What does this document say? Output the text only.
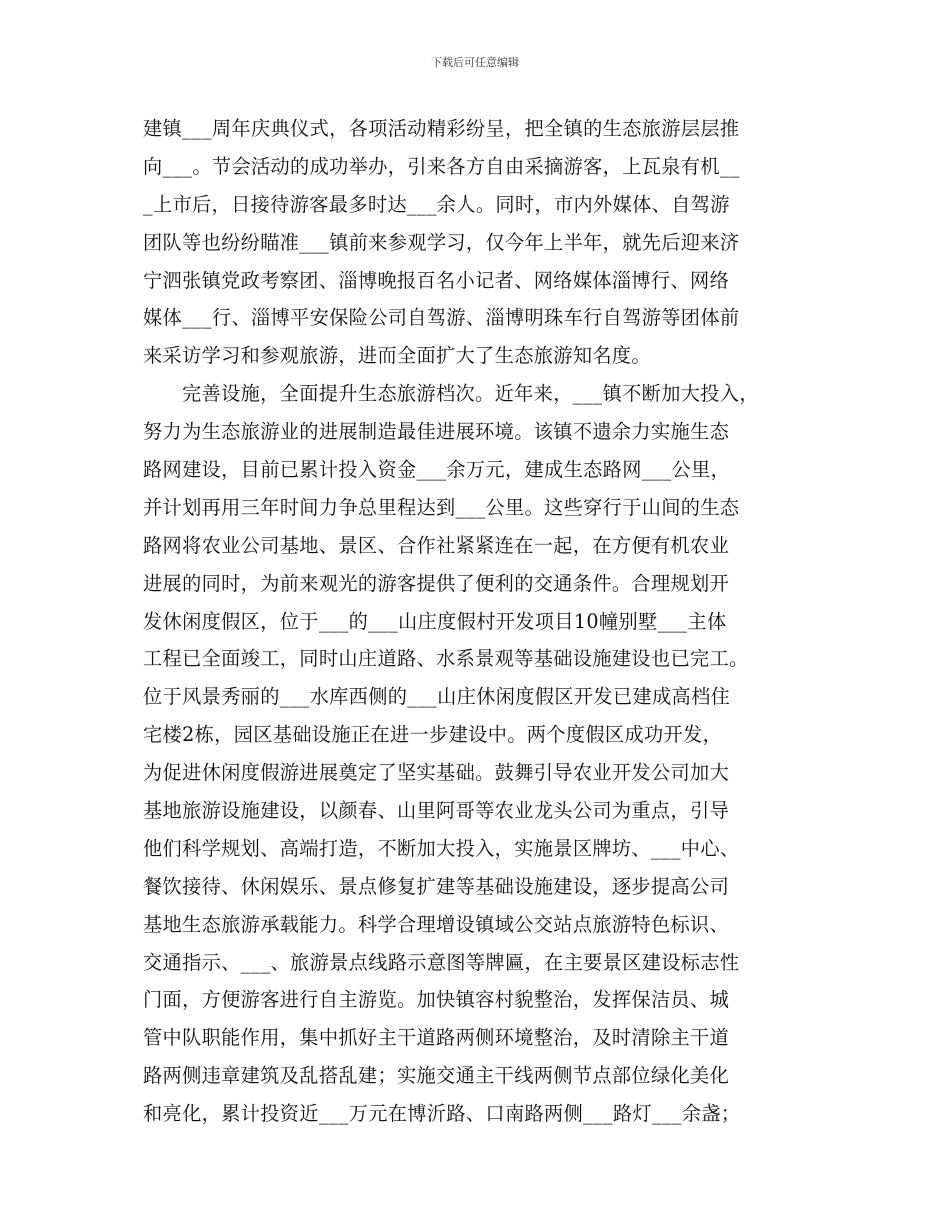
下载后可任意编辑
建镇___周年庆典仪式，各项活动精彩纷呈，把全镇的生态旅游层层推
向___。节会活动的成功举办，引来各方自由采摘游客，上瓦泉有机__
_上市后，日接待游客最多时达___余人。同时，市内外媒体、自驾游
团队等也纷纷瞄准___镇前来参观学习，仅今年上半年，就先后迎来济
宁泗张镇党政考察团、淄博晚报百名小记者、网络媒体淄博行、网络
媒体___行、淄博平安保险公司自驾游、淄博明珠车行自驾游等团体前
来采访学习和参观旅游，进而全面扩大了生态旅游知名度。
完善设施，全面提升生态旅游档次。近年来，___镇不断加大投入，
努力为生态旅游业的进展制造最佳进展环境。该镇不遗余力实施生态
路网建设，目前已累计投入资金___余万元，建成生态路网___公里，
并计划再用三年时间力争总里程达到___公里。这些穿行于山间的生态
路网将农业公司基地、景区、合作社紧紧连在一起，在方便有机农业
进展的同时，为前来观光的游客提供了便利的交通条件。合理规划开
发休闲度假区，位于___的___山庄度假村开发项目10幢别墅___主体
工程已全面竣工，同时山庄道路、水系景观等基础设施建设也已完工。
位于风景秀丽的___水库西侧的___山庄休闲度假区开发已建成高档住
宅楼2栋，园区基础设施正在进一步建设中。两个度假区成功开发，
为促进休闲度假游进展奠定了坚实基础。鼓舞引导农业开发公司加大
基地旅游设施建设，以颜春、山里阿哥等农业龙头公司为重点，引导
他们科学规划、高端打造，不断加大投入，实施景区牌坊、___中心、
餐饮接待、休闲娱乐、景点修复扩建等基础设施建设，逐步提高公司
基地生态旅游承载能力。科学合理增设镇域公交站点旅游特色标识、
交通指示、___、旅游景点线路示意图等牌匾，在主要景区建设标志性
门面，方便游客进行自主游览。加快镇容村貌整治，发挥保洁员、城
管中队职能作用，集中抓好主干道路两侧环境整治，及时清除主干道
路两侧违章建筑及乱搭乱建；实施交通主干线两侧节点部位绿化美化
和亮化，累计投资近___万元在博沂路、口南路两侧___路灯___余盏；
